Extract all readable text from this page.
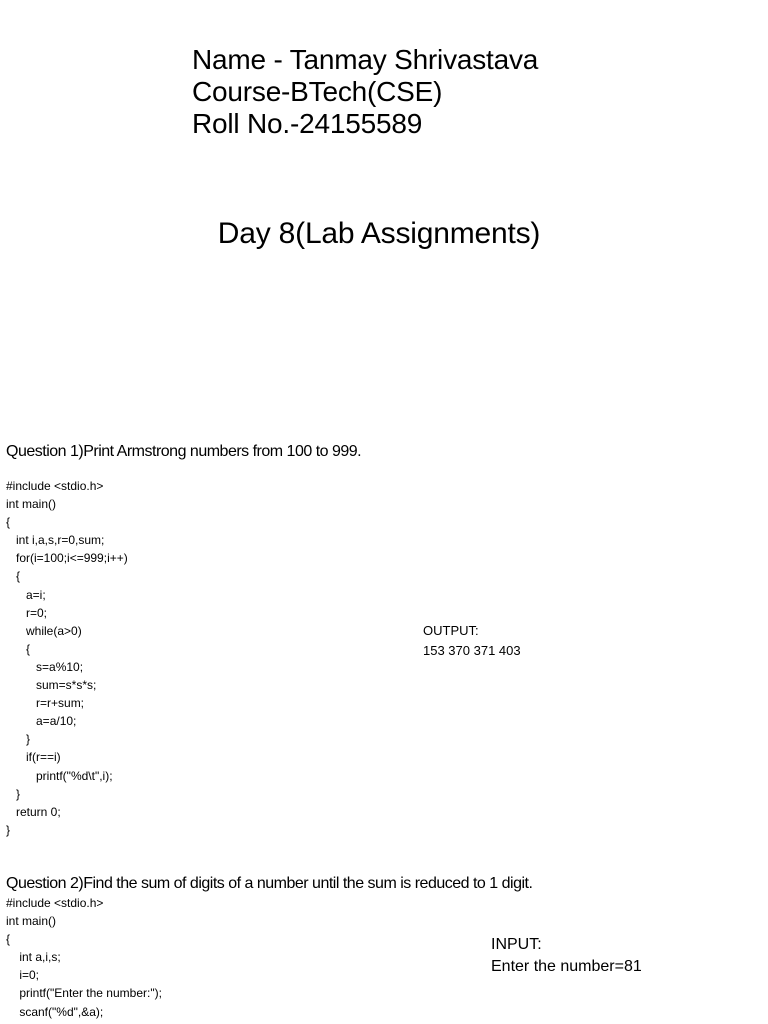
Name - Tanmay Shrivastava
Course-BTech(CSE)
Roll No.-24155589
Day 8(Lab Assignments)
Question 1)Print Armstrong numbers from 100 to 999.
#include <stdio.h>
int main()
{
int i,a,s,r=0,sum;
for(i=100;i<=999;i++)
{
a=i;
r=0;
while(a>0)
{
s=a%10;
sum=s*s*s;
r=r+sum;
a=a/10;
}
if(r==i)
printf("%d\t",i);
}
return 0;
}
OUTPUT:
153 370 371 403
Question 2)Find the sum of digits of a number until the sum is reduced to 1 digit.
#include <stdio.h>
int main()
{
int a,i,s;
i=0;
printf("Enter the number:");
scanf("%d",&a);
INPUT:
Enter the number=81
